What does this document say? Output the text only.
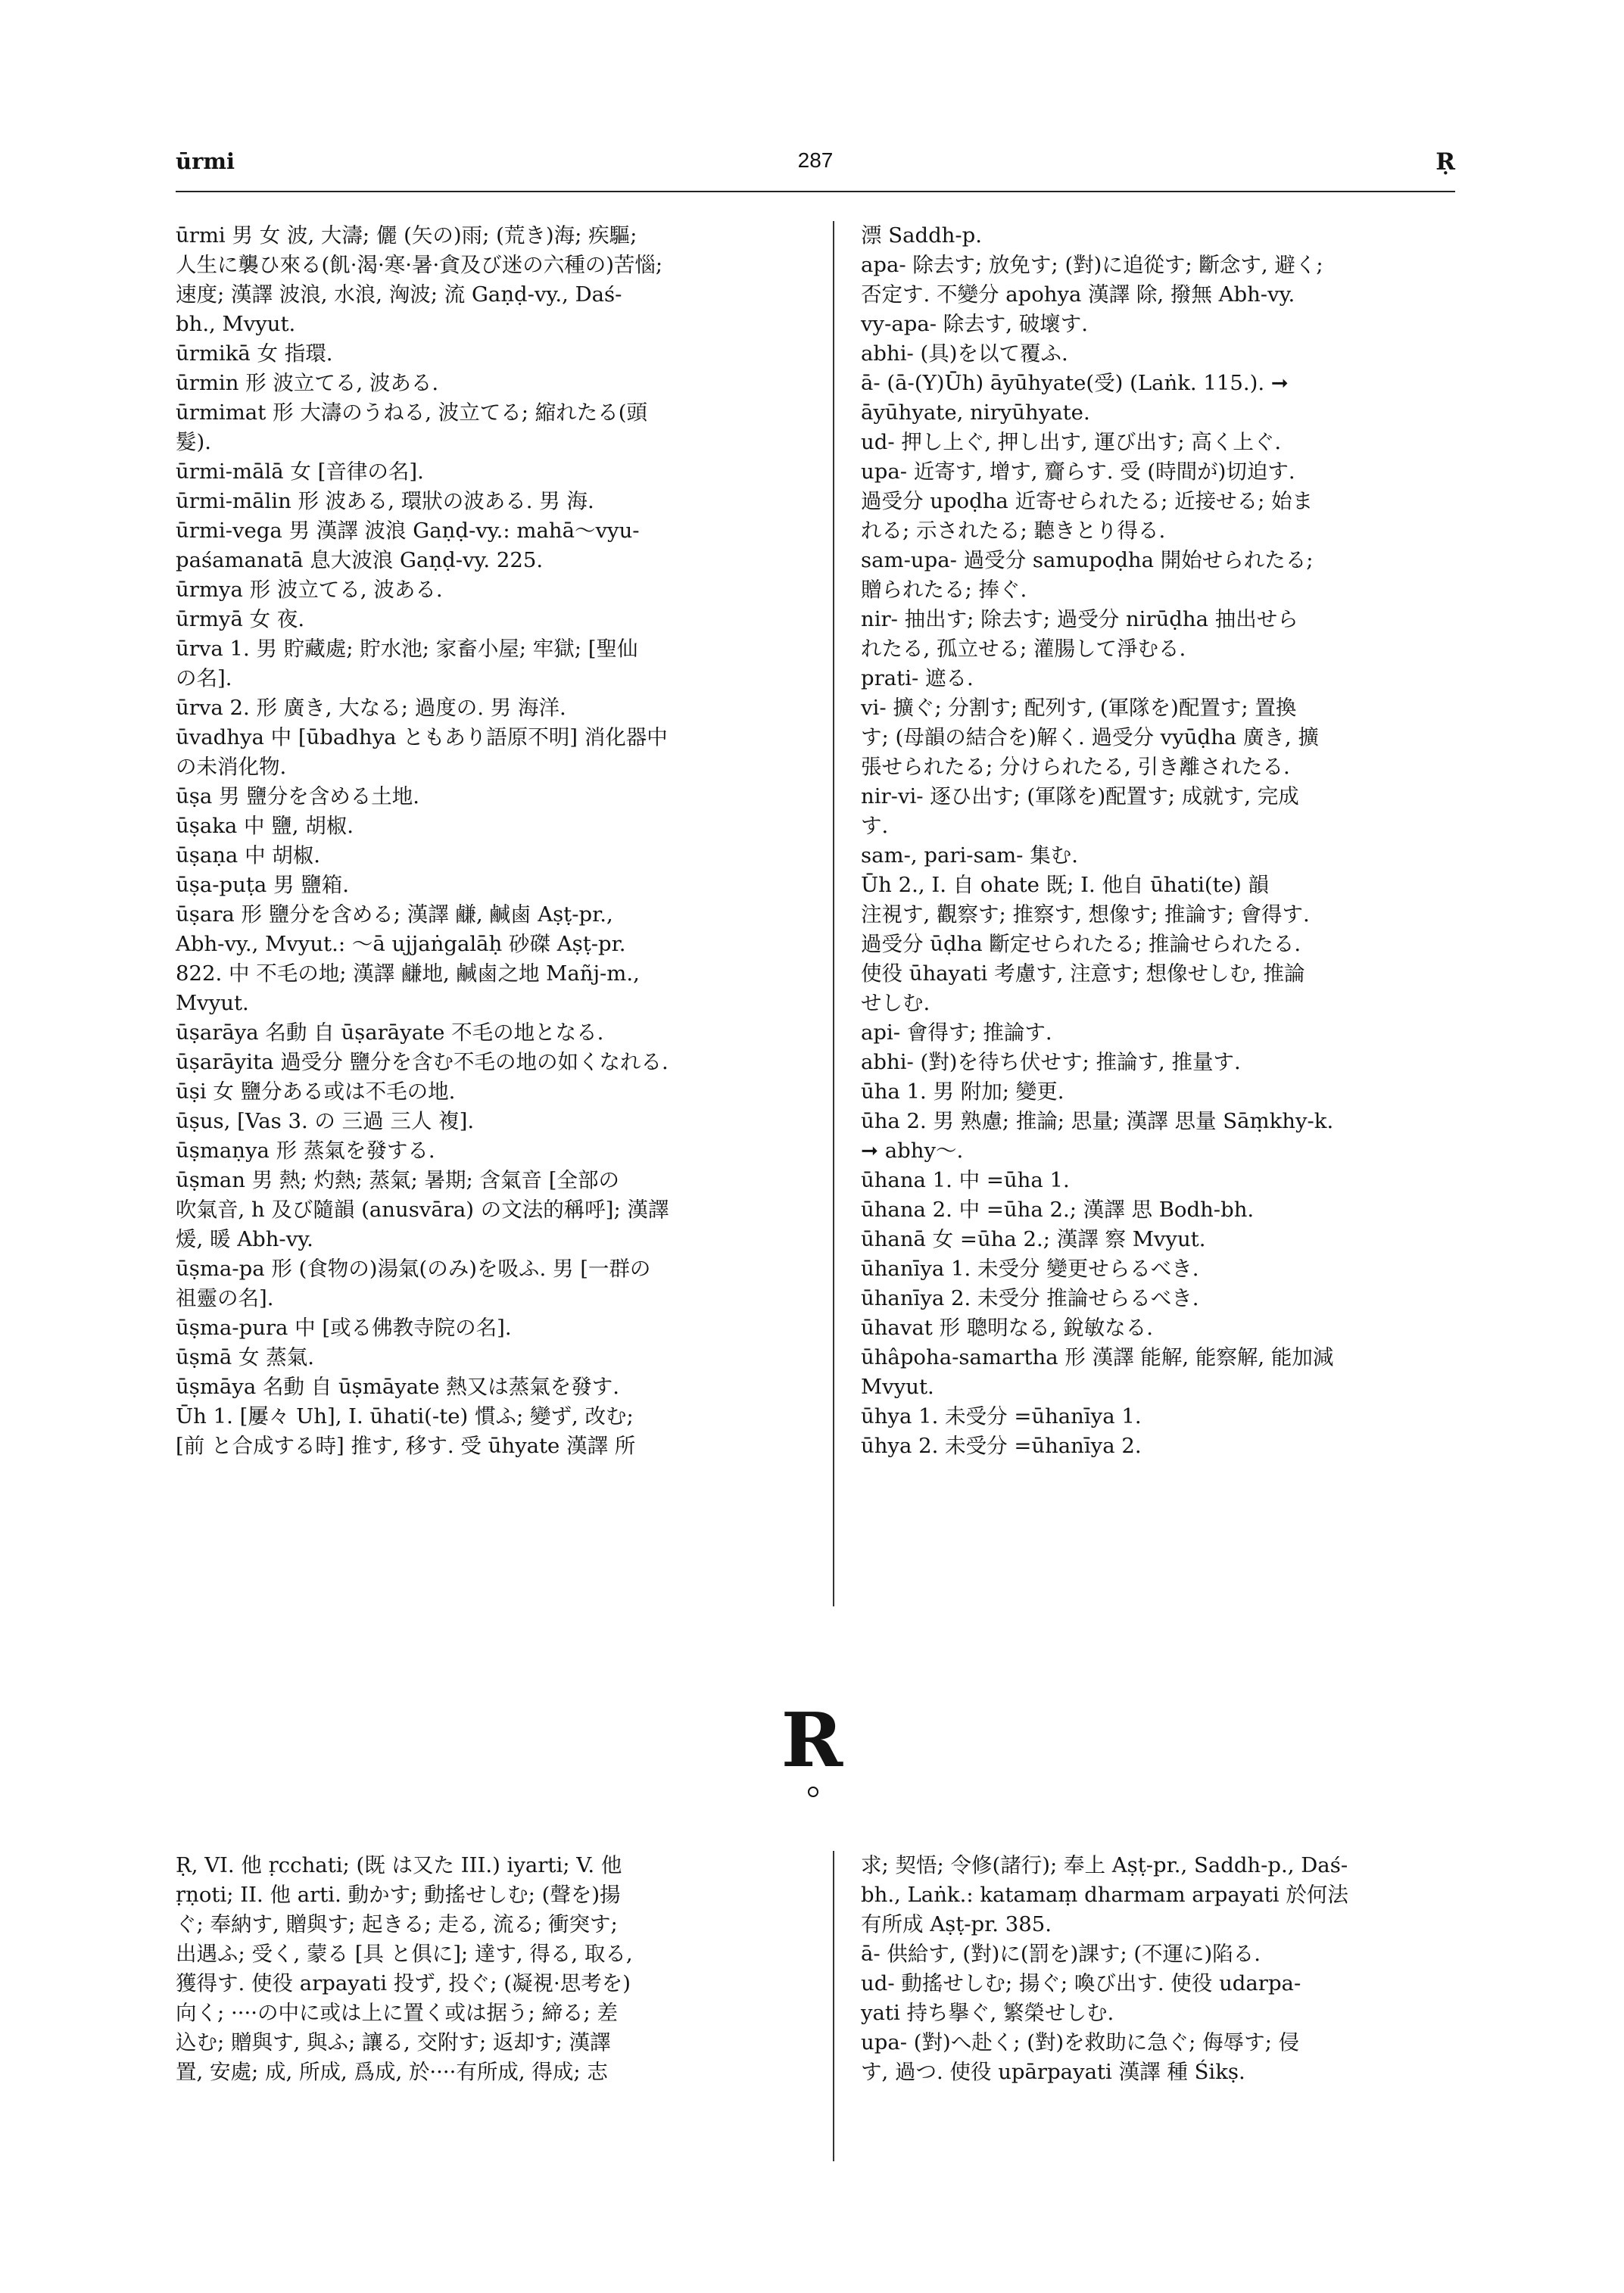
ūrmi	287	Ṛ

ūrmi 男 女 波, 大濤; 儷 (矢の)雨; (荒き)海; 疾驅;

人生に襲ひ來る(飢·渴·寒·暑·貪及び迷の六種の)苦惱;

速度; 漢譯 波浪, 水浪, 洶波; 流 Gaṇḍ-vy., Daś-

bh., Mvyut.

ūrmikā 女 指環.

ūrmin 形 波立てる, 波ある.

ūrmimat 形 大濤のうねる, 波立てる; 縮れたる(頭

髮).

ūrmi-mālā 女 [音律の名].

ūrmi-mālin 形 波ある, 環狀の波ある. 男 海.

ūrmi-vega 男 漢譯 波浪 Gaṇḍ-vy.: mahā〜vyu-

paśamanatā 息大波浪 Gaṇḍ-vy. 225.

ūrmya 形 波立てる, 波ある.

ūrmyā 女 夜.

ūrva 1. 男 貯藏處; 貯水池; 家畜小屋; 牢獄; [聖仙

の名].

ūrva 2. 形 廣き, 大なる; 過度の. 男 海洋.

ūvadhya 中 [ūbadhya ともあり語原不明] 消化器中

の未消化物.

ūṣa 男 鹽分を含める土地.

ūṣaka 中 鹽, 胡椒.

ūṣaṇa 中 胡椒.

ūṣa-puṭa 男 鹽箱.

ūṣara 形 鹽分を含める; 漢譯 鹻, 鹹鹵 Aṣṭ-pr.,

Abh-vy., Mvyut.: 〜ā ujjaṅgalāḥ 砂磔 Aṣṭ-pr.

822. 中 不毛の地; 漢譯 鹻地, 鹹鹵之地 Mañj-m.,

Mvyut.

ūṣarāya 名動 自 ūṣarāyate 不毛の地となる.

ūṣarāyita 過受分 鹽分を含む不毛の地の如くなれる.

ūṣi 女 鹽分ある或は不毛の地.

ūṣus, [Vas 3. の 三過 三人 複].

ūṣmaṇya 形 蒸氣を發する.

ūṣman 男 熱; 灼熱; 蒸氣; 暑期; 含氣音 [全部の

吹氣音, h 及び隨韻 (anusvāra) の文法的稱呼]; 漢譯

煖, 暖 Abh-vy.

ūṣma-pa 形 (食物の)湯氣(のみ)を吸ふ. 男 [一群の

祖靈の名].

ūṣma-pura 中 [或る佛教寺院の名].

ūṣmā 女 蒸氣.

ūṣmāya 名動 自 ūṣmāyate 熱又は蒸氣を發す.

Ūh 1. [屢々 Uh], I. ūhati(-te) 慣ふ; 變ず, 改む;

[前 と合成する時] 推す, 移す. 受 ūhyate 漢譯 所

漂 Saddh-p.

apa- 除去す; 放免す; (對)に追從す; 斷念す, 避く;

否定す. 不變分 apohya 漢譯 除, 撥無 Abh-vy.

vy-apa- 除去す, 破壞す.

abhi- (具)を以て覆ふ.

ā- (ā-(Y)Ūh) āyūhyate(受) (Laṅk. 115.). ➞

āyūhyate, niryūhyate.

ud- 押し上ぐ, 押し出す, 運び出す; 高く上ぐ.

upa- 近寄す, 增す, 齎らす. 受 (時間が)切迫す.

過受分 upoḍha 近寄せられたる; 近接せる; 始ま

れる; 示されたる; 聽きとり得る.

sam-upa- 過受分 samupoḍha 開始せられたる;

贈られたる; 捧ぐ.

nir- 抽出す; 除去す; 過受分 nirūḍha 抽出せら

れたる, 孤立せる; 灌腸して淨むる.

prati- 遮る.

vi- 擴ぐ; 分割す; 配列す, (軍隊を)配置す; 置換

す; (母韻の結合を)解く. 過受分 vyūḍha 廣き, 擴

張せられたる; 分けられたる, 引き離されたる.

nir-vi- 逐ひ出す; (軍隊を)配置す; 成就す, 完成

す.

sam-, pari-sam- 集む.

Ūh 2., I. 自 ohate 既; I. 他自 ūhati(te) 韻

注視す, 觀察す; 推察す, 想像す; 推論す; 會得す.

過受分 ūḍha 斷定せられたる; 推論せられたる.

使役 ūhayati 考慮す, 注意す; 想像せしむ, 推論

せしむ.

api- 會得す; 推論す.

abhi- (對)を待ち伏せす; 推論す, 推量す.

ūha 1. 男 附加; 變更.

ūha 2. 男 熟慮; 推論; 思量; 漢譯 思量 Sāṃkhy-k.

➞ abhy〜.

ūhana 1. 中 =ūha 1.

ūhana 2. 中 =ūha 2.; 漢譯 思 Bodh-bh.

ūhanā 女 =ūha 2.; 漢譯 察 Mvyut.

ūhanīya 1. 未受分 變更せらるべき.

ūhanīya 2. 未受分 推論せらるべき.

ūhavat 形 聰明なる, 銳敏なる.

ūhâpoha-samartha 形 漢譯 能解, 能察解, 能加減

Mvyut.

ūhya 1. 未受分 =ūhanīya 1.

ūhya 2. 未受分 =ūhanīya 2.

R

Ṛ, VI. 他 ṛcchati; (既 は又た III.) iyarti; V. 他

ṛṇoti; II. 他 arti. 動かす; 動搖せしむ; (聲を)揚

ぐ; 奉納す, 贈與す; 起きる; 走る, 流る; 衝突す;

出遇ふ; 受く, 蒙る [具 と俱に]; 達す, 得る, 取る,

獲得す. 使役 arpayati 投ず, 投ぐ; (凝視·思考を)

向く; ····の中に或は上に置く或は据う; 締る; 差

込む; 贈與す, 與ふ; 讓る, 交附す; 返却す; 漢譯

置, 安處; 成, 所成, 爲成, 於····有所成, 得成; 志

求; 契悟; 令修(諸行); 奉上 Aṣṭ-pr., Saddh-p., Daś-

bh., Laṅk.: katamaṃ dharmam arpayati 於何法

有所成 Aṣṭ-pr. 385.

ā- 供給す, (對)に(罰を)課す; (不運に)陷る.

ud- 動搖せしむ; 揚ぐ; 喚び出す. 使役 udarpa-

yati 持ち擧ぐ, 繁榮せしむ.

upa- (對)へ赴く; (對)を救助に急ぐ; 侮辱す; 侵

す, 過つ. 使役 upārpayati 漢譯 種 Śikṣ.
